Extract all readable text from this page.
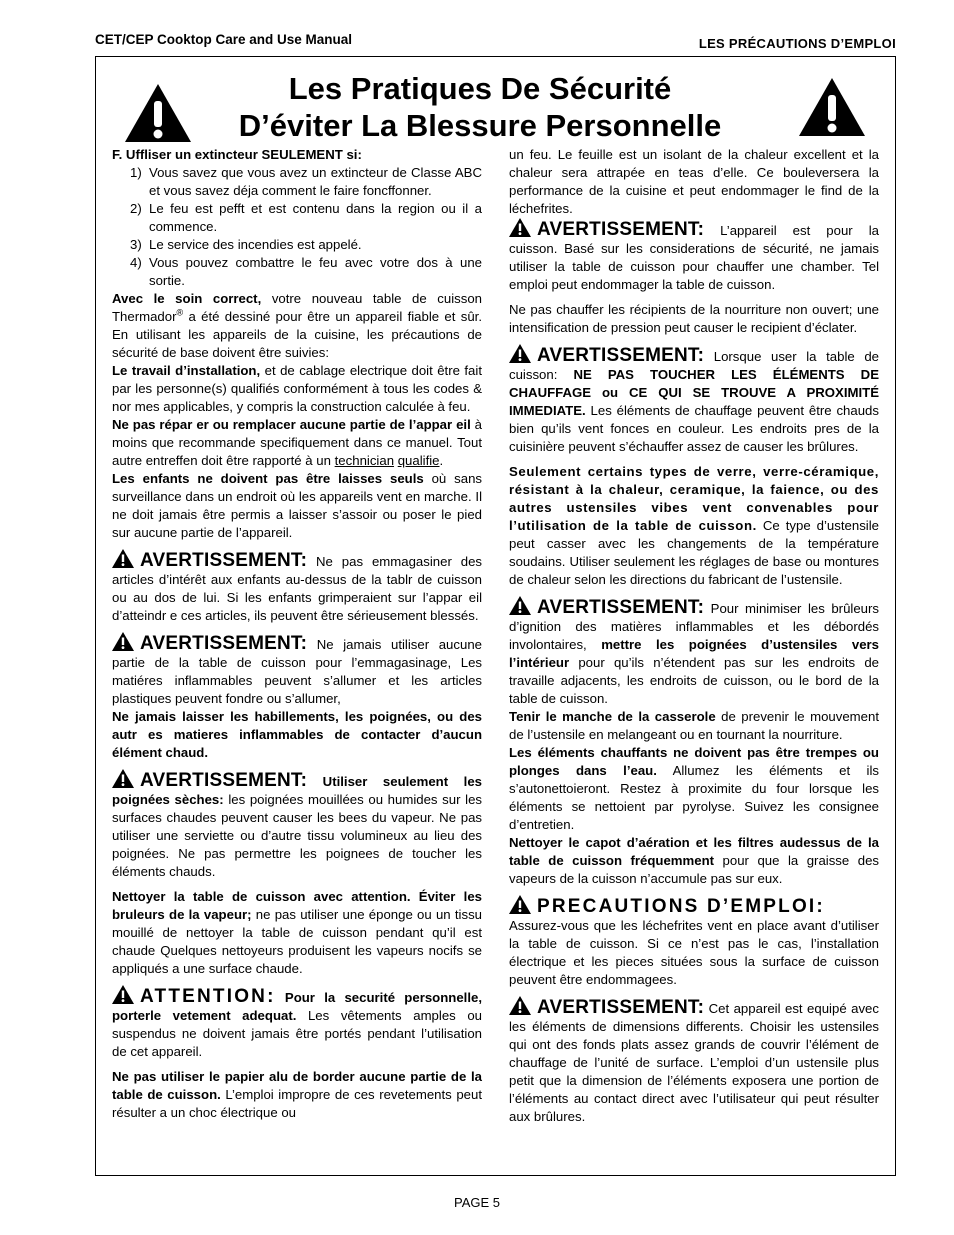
CET/CEP Cooktop Care and Use Manual	LES PRÉCAUTIONS D’EMPLOI
Les Pratiques De Sécurité
D’éviter La Blessure Personnelle

F. Uffliser un extincteur SEULEMENT si:

1) Vous savez que vous avez un extincteur de Classe ABC et vous savez déja comment le faire foncffonner.
2) Le feu est pefft et est contenu dans la region ou il a commence.
3) Le service des incendies est appelé.
4) Vous pouvez combattre le feu avec votre dos à une sortie.

Avec le soin correct, votre nouveau table de cuisson Thermador® a été dessiné pour être un appareil fiable et sûr. En utilisant les appareils de la cuisine, les précautions de sécurité de base doivent être suivies:

Le travail d’installation, et de cablage electrique doit être fait par les personne(s) qualifiés conformément à tous les codes & nor mes applicables, y compris la construction calculée à feu.

Ne pas répar er ou remplacer aucune partie de l’appar eil à moins que recommande specifiquement dans ce manuel. Tout autre entreffen doit être rapporté à un technician qualifie.

Les enfants ne doivent pas être laisses seuls où sans surveillance dans un endroit où les appareils vent en marche. Il ne doit jamais être permis a laisser s’assoir ou poser le pied sur aucune partie de l’appareil.

AVERTISSEMENT: Ne pas emmagasiner des articles d’intérêt aux enfants au-dessus de la tablr de cuisson ou au dos de lui. Si les enfants grimperaient sur l’appar eil d’atteindr e ces articles, ils peuvent être sérieusement blessés.

AVERTISSEMENT: Ne jamais utiliser aucune partie de la table de cuisson pour l’emmagasinage, Les matiéres inflammables peuvent s’allumer et les articles plastiques peuvent fondre ou s’allumer,

Ne jamais laisser les habillements, les poignées, ou des autr es matieres inflammables de contacter d’aucun élément chaud.

AVERTISSEMENT: Utiliser seulement les poignées sèches: les poignées mouillées ou humides sur les surfaces chaudes peuvent causer les bees du vapeur. Ne pas utiliser une serviette ou d’autre tissu volumineux au lieu des poignées. Ne pas permettre les poignees de toucher les éléments chauds.

Nettoyer la table de cuisson avec attention. Éviter les bruleurs de la vapeur; ne pas utiliser une éponge ou un tissu mouillé de nettoyer la table de cuisson pendant qu’il est chaude Quelques nettoyeurs produisent les vapeurs nocifs se appliqués a une surface chaude.

ATTENTION: Pour la securité personnelle, porterle vetement adequat. Les vêtements amples ou suspendus ne doivent jamais être portés pendant l’utilisation de cet appareil.

Ne pas utiliser le papier alu de border aucune partie de la table de cuisson. L’emploi impropre de ces revetements peut résulter a un choc électrique ou

un feu. Le feuille est un isolant de la chaleur excellent et la chaleur sera attrapée en teas d’elle. Ce bouleversera la performance de la cuisine et peut endommager le find de la léchefrites.

AVERTISSEMENT: L’appareil est pour la cuisson. Basé sur les considerations de sécurité, ne jamais utiliser la table de cuisson pour chauffer une chamber. Tel emploi peut endommager la table de cuisson.

Ne pas chauffer les récipients de la nourriture non ouvert; une intensification de pression peut causer le recipient d’éclater.

AVERTISSEMENT: Lorsque user la table de cuisson: NE PAS TOUCHER LES ÉLÉMENTS DE CHAUFFAGE ou CE QUI SE TROUVE A PROXIMITÉ IMMEDIATE. Les éléments de chauffage peuvent être chauds bien qu’ils vent fonces en couleur. Les endroits pres de la cuisinière peuvent s’échauffer assez de causer les brûlures.

Seulement certains types de verre, verre-céramique, résistant à la chaleur, ceramique, la faience, ou des autres ustensiles vibes vent convenables pour l’utilisation de la table de cuisson. Ce type d’ustensile peut casser avec les changements de la température soudains. Utiliser seulement les réglages de base ou montures de chaleur selon les directions du fabricant de l’ustensile.

AVERTISSEMENT: Pour minimiser les brûleurs d’ignition des matières inflammables et les débordés involontaires, mettre les poignées d’ustensiles vers l’intérieur pour qu’ils n’étendent pas sur les endroits de travaille adjacents, les endroits de cuisson, ou le bord de la table de cuisson.

Tenir le manche de la casserole de prevenir le mouvement de l’ustensile en melangeant ou en tournant la nourriture.

Les éléments chauffants ne doivent pas être trempes ou plonges dans l’eau. Allumez les éléments et ils s’autonettoieront. Restez à proximite du four lorsque les éléments se nettoient par pyrolyse. Suivez les consignee d’entretien.

Nettoyer le capot d’aération et les filtres audessus de la table de cuisson fréquemment pour que la graisse des vapeurs de la cuisson n’accumule pas sur eux.

PRECAUTIONS D’EMPLOI:

Assurez-vous que les léchefrites vent en place avant d’utiliser la table de cuisson. Si ce n’est pas le cas, l’installation électrique et les pieces situées sous la surface de cuisson peuvent être endommagees.

AVERTISSEMENT: Cet appareil est equipé avec les éléments de dimensions differents. Choisir les ustensiles qui ont des fonds plats assez grands de couvrir l’élément de chauffage de l’unité de surface. L’emploi d’un ustensile plus petit que la dimension de l’éléments exposera une portion de l’éléments au contact direct avec l’utilisateur qui peut résulter aux brûlures.

PAGE 5
